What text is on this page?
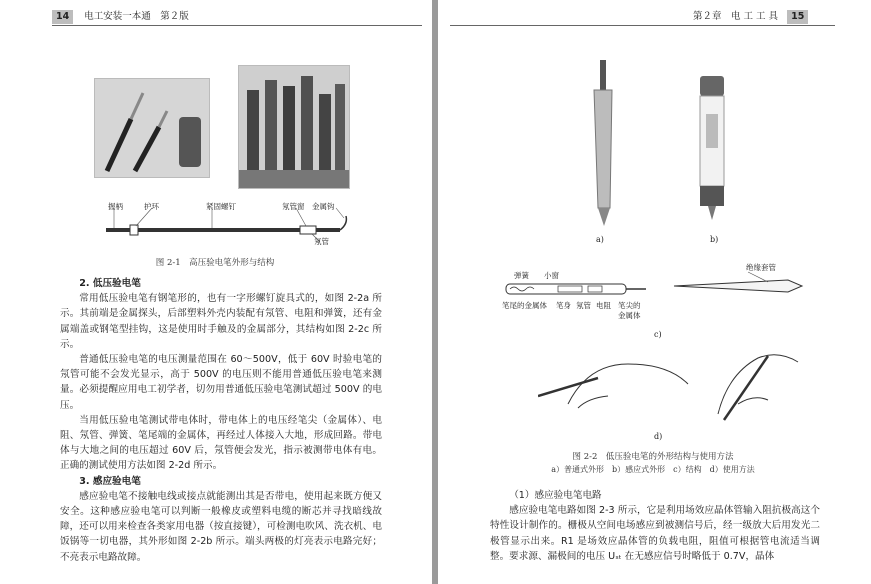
14 电工安装一本通　第２版
握柄	护环	紧固螺钉	氖管窗 金属钩
氖管
图 2-1　高压验电笔外形与结构
2. 低压验电笔

常用低压验电笔有钢笔形的，也有一字形螺钉旋具式的，如图 2-2a 所示。其前端是金属探头，后部塑料外壳内装配有氖管、电阻和弹簧，还有金属端盖或钢笔型挂钩，这是使用时手触及的金属部分，其结构如图 2-2c 所示。

普通低压验电笔的电压测量范围在 60～500V，低于 60V 时验电笔的氖管可能不会发光显示，高于 500V 的电压则不能用普通低压验电笔来测量。必须提醒应用电工初学者，切勿用普通低压验电笔测试超过 500V 的电压。

当用低压验电笔测试带电体时，带电体上的电压经笔尖（金属体）、电阻、氖管、弹簧、笔尾端的金属体，再经过人体接入大地，形成回路。带电体与大地之间的电压超过 60V 后，氖管便会发光，指示被测带电体有电。正确的测试使用方法如图 2-2d 所示。

3. 感应验电笔

感应验电笔不接触电线或接点就能测出其是否带电，使用起来既方便又安全。这种感应验电笔可以判断一般橡皮或塑料电缆的断芯并寻找暗线故障，还可以用来检查各类家用电器（按直接键），可检测电吹风、洗衣机、电饭锅等一切电器，其外形如图 2-2b 所示。端头两极的灯亮表示电路完好；不亮表示电路故障。

第２章　电 工 工 具 15
a)	b)
弹簧 小窗
笔尾的金属体 笔身 氖管 电阻 笔尖的
金属体
绝缘套管
c)
d)
图 2-2　低压验电笔的外形结构与使用方法
a）普通式外形　b）感应式外形　c）结构　d）使用方法
（1）感应验电笔电路

感应验电笔电路如图 2-3 所示，它是利用场效应晶体管输入阻抗极高这个特性设计制作的。栅极从空间电场感应到被测信号后，经一级放大后用发光二极管显示出来。R1 是场效应晶体管的负载电阻，阻值可根据管电流适当调整。要求源、漏极间的电压 Uₛₜ 在无感应信号时略低于 0.7V，晶体
